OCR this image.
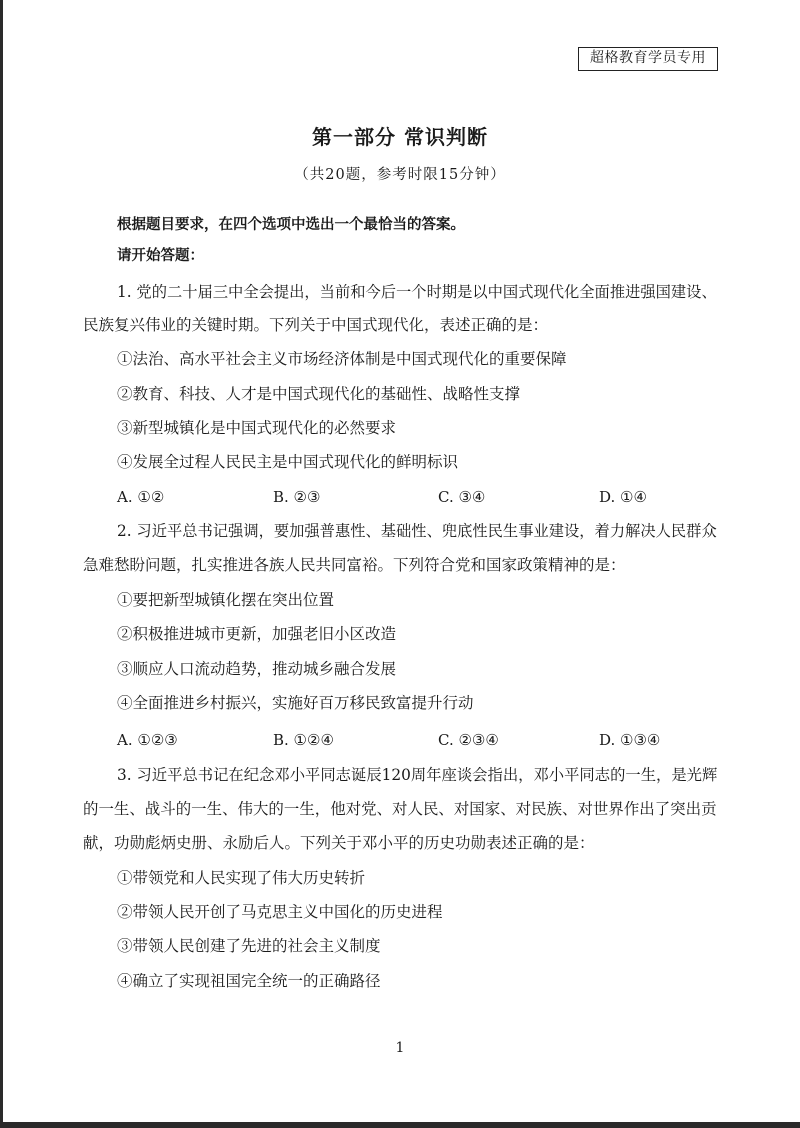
超格教育学员专用
第一部分 常识判断
（共20题，参考时限15分钟）
根据题目要求，在四个选项中选出一个最恰当的答案。
请开始答题：
1. 党的二十届三中全会提出，当前和今后一个时期是以中国式现代化全面推进强国建设、
民族复兴伟业的关键时期。下列关于中国式现代化，表述正确的是：
①法治、高水平社会主义市场经济体制是中国式现代化的重要保障
②教育、科技、人才是中国式现代化的基础性、战略性支撑
③新型城镇化是中国式现代化的必然要求
④发展全过程人民民主是中国式现代化的鲜明标识
A. ①②	B. ②③	C. ③④	D. ①④
2. 习近平总书记强调，要加强普惠性、基础性、兜底性民生事业建设，着力解决人民群众
急难愁盼问题，扎实推进各族人民共同富裕。下列符合党和国家政策精神的是：
①要把新型城镇化摆在突出位置
②积极推进城市更新，加强老旧小区改造
③顺应人口流动趋势，推动城乡融合发展
④全面推进乡村振兴，实施好百万移民致富提升行动
A. ①②③	B. ①②④	C. ②③④	D. ①③④
3. 习近平总书记在纪念邓小平同志诞辰120周年座谈会指出，邓小平同志的一生，是光辉
的一生、战斗的一生、伟大的一生，他对党、对人民、对国家、对民族、对世界作出了突出贡
献，功勋彪炳史册、永励后人。下列关于邓小平的历史功勋表述正确的是：
①带领党和人民实现了伟大历史转折
②带领人民开创了马克思主义中国化的历史进程
③带领人民创建了先进的社会主义制度
④确立了实现祖国完全统一的正确路径
1
